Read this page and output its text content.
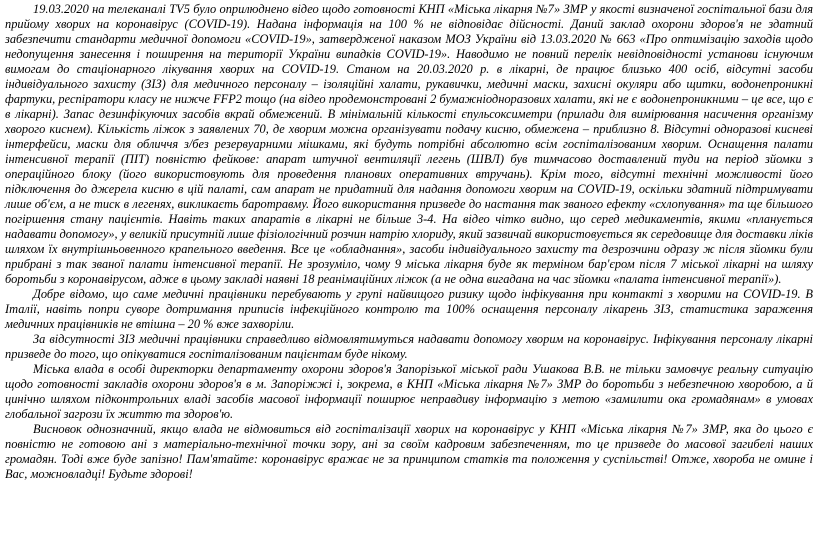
19.03.2020 на телеканалі TV5 було оприлюднено відео щодо готовності КНП «Міська лікарня №7» ЗМР у якості визначеної госпітальної бази для прийому хворих на коронавірус (COVID-19). Надана інформація на 100 % не відповідає дійсності. Даний заклад охорони здоров'я не здатний забезпечити стандарти медичної допомоги «COVID-19», затвердженої наказом МОЗ України від 13.03.2020 № 663 «Про оптимізацію заходів щодо недопущення занесення і поширення на території України випадків COVID-19». Наводимо не повний перелік невідповідності установи існуючим вимогам до стаціонарного лікування хворих на COVID-19. Станом на 20.03.2020 р. в лікарні, де працює близько 400 осіб, відсутні засоби індивідуального захисту (ЗІЗ) для медичного персоналу – ізоляційні халати, рукавички, медичні маски, захисні окуляри або щитки, водонепроникні фартуки, респіратори класу не нижче FFP2 тощо (на відео продемонстровані 2 бумажніодноразових халати, які не є водонепроникними – це все, що є в лікарні). Запас дезинфікуючих засобів вкрай обмежений. В мінімальній кількості єпульсоксиметри (прилади для вимірювання насичення організму хворого киснем). Кількість ліжок з заявлених 70, де хворим можна організувати подачу кисню, обмежена – приблизно 8. Відсутні одноразові кисневі інтерфейси, маски для обличчя з/без резервуарними мішками, які будуть потрібні абсолютно всім госпіталізованим хворим. Оснащення палати інтенсивної терапії (ПІТ) повністю фейкове: апарат штучної вентиляції легень (ШВЛ) був тимчасово доставлений туди на період зйомки з операційного блоку (його використовують для проведення планових оперативних втручань). Крім того, відсутні технічні можливості його підключення до джерела кисню в цій палаті, сам апарат не придатний для надання допомоги хворим на COVID-19, оскільки здатний підтримувати лише об'єм, а не тиск в легенях, викликаєть баротравму. Його використання призведе до настання так званого ефекту «схлопування» та ще більшого погіршення стану пацієнтів. Навіть таких апаратів в лікарні не більше 3-4. На відео чітко видно, що серед медикаментів, якими «планується надавати допомогу», у великій присутній лише фізіологічний розчин натрію хлориду, який зазвичай використовується як середовище для доставки ліків шляхом їх внутрішньовенного крапельного введення. Все це «обладнання», засоби індивідуального захисту та дезрозчини одразу ж після зйомки були прибрані з так званої палати інтенсивної терапії. Не зрозуміло, чому 9 міська лікарня буде як терміном бар'єром після 7 міської лікарні на шляху боротьби з коронавірусом, адже в цьому закладі наявні 18 реанімаційних ліжок (а не одна вигадана на час зйомки «палата інтенсивної терапії»).

Добре відомо, що саме медичні працівники перебувають у групі найвищого ризику щодо інфікування при контакті з хворими на COVID-19. В Італії, навіть попри суворе дотримання приписів інфекційного контролю та 100% оснащення персоналу лікарень ЗІЗ, статистика зараження медичних працівників не втішна – 20 % вже захворіли.

За відсутності ЗІЗ медичні працівники справедливо відмовлятимуться надавати допомогу хворим на коронавірус. Інфікування персоналу лікарні призведе до того, що опікуватися госпіталізованим пацієнтам буде нікому.

Міська влада в особі директорки департаменту охорони здоров'я Запорізької міської ради Ушакова В.В. не тільки замовчує реальну ситуацію щодо готовності закладів охорони здоров'я в м. Запоріжжі і, зокрема, в КНП «Міська лікарня №7» ЗМР до боротьби з небезпечною хворобою, а й цинічно шляхом підконтрольних владі засобів масової інформації поширює неправдиву інформацію з метою «замилити ока громадянам» в умовах глобальної загрози їх життю та здоров'ю.

Висновок однозначний, якщо влада не відмовиться від госпіталізації хворих на коронавірус у КНП «Міська лікарня №7» ЗМР, яка до цього є повністю не готовою ані з матеріально-технічної точки зору, ані за своїм кадровим забезпеченням, то це призведе до масової загибелі наших громадян. Тоді вже буде запізно! Пам'ятайте: коронавірус вражає не за принципом статків та положення у суспільстві! Отже, хвороба не омине і Вас, можновладці! Будьте здорові!
